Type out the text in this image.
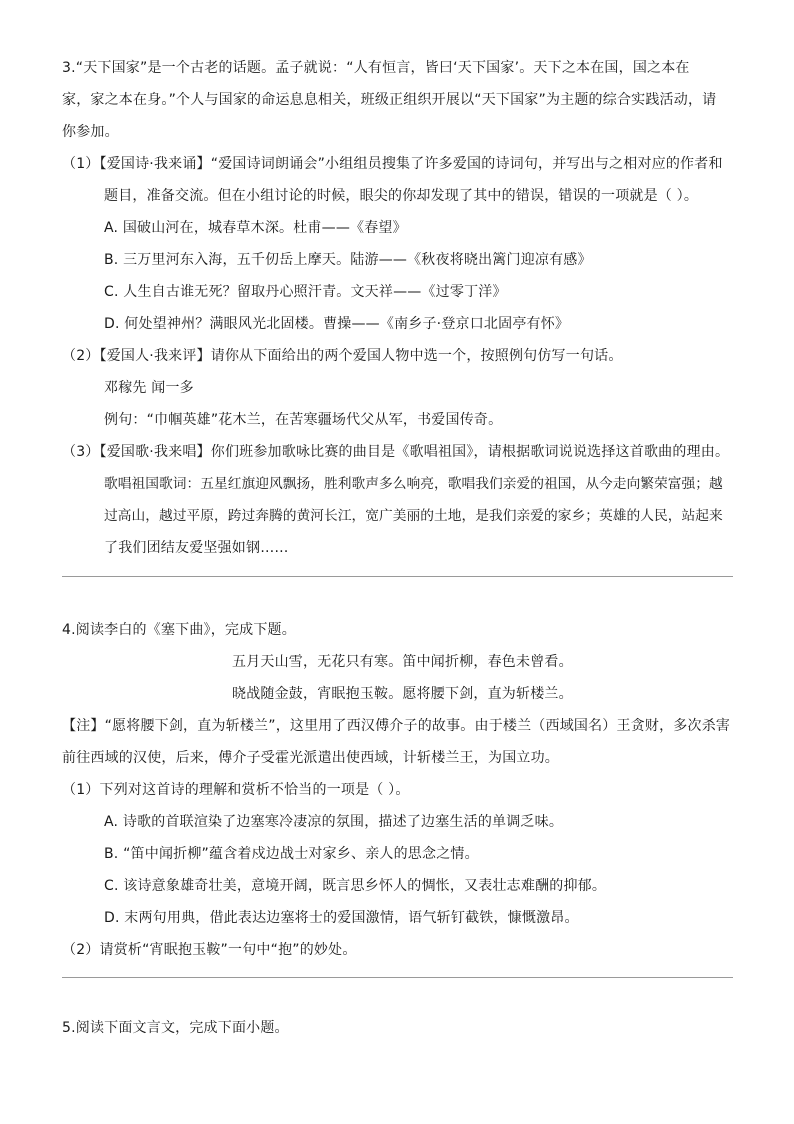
3.“天下国家”是一个古老的话题。孟子就说：“人有恒言，皆曰‘天下国家’。天下之本在国，国之本在
家，家之本在身。”个人与国家的命运息息相关，班级正组织开展以“天下国家”为主题的综合实践活动，请
你参加。
（1）【爱国诗·我来诵】“爱国诗词朗诵会”小组组员搜集了许多爱国的诗词句，并写出与之相对应的作者和
题目，准备交流。但在小组讨论的时候，眼尖的你却发现了其中的错误，错误的一项就是（ ）。
A. 国破山河在，城春草木深。杜甫——《春望》
B. 三万里河东入海，五千仞岳上摩天。陆游——《秋夜将晓出篱门迎凉有感》
C. 人生自古谁无死？留取丹心照汗青。文天祥——《过零丁洋》
D. 何处望神州？满眼风光北固楼。曹操——《南乡子·登京口北固亭有怀》
（2）【爱国人·我来评】请你从下面给出的两个爱国人物中选一个，按照例句仿写一句话。
邓稼先 闻一多
例句：“巾帼英雄”花木兰，在苦寒疆场代父从军，书爱国传奇。
（3）【爱国歌·我来唱】你们班参加歌咏比赛的曲目是《歌唱祖国》，请根据歌词说说选择这首歌曲的理由。
歌唱祖国歌词：五星红旗迎风飘扬，胜利歌声多么响亮，歌唱我们亲爱的祖国，从今走向繁荣富强；越
过高山，越过平原，跨过奔腾的黄河长江，宽广美丽的土地，是我们亲爱的家乡；英雄的人民，站起来
了我们团结友爱坚强如钢……
4.阅读李白的《塞下曲》，完成下题。
五月天山雪，无花只有寒。笛中闻折柳，春色未曾看。
晓战随金鼓，宵眠抱玉鞍。愿将腰下剑，直为斩楼兰。
【注】“愿将腰下剑，直为斩楼兰”，这里用了西汉傅介子的故事。由于楼兰（西域国名）王贪财，多次杀害
前往西域的汉使，后来，傅介子受霍光派遣出使西域，计斩楼兰王，为国立功。
（1）下列对这首诗的理解和赏析不恰当的一项是（ ）。
A. 诗歌的首联渲染了边塞寒冷凄凉的氛围，描述了边塞生活的单调乏味。
B. “笛中闻折柳”蕴含着戍边战士对家乡、亲人的思念之情。
C. 该诗意象雄奇壮美，意境开阔，既言思乡怀人的惆怅，又表壮志难酬的抑郁。
D. 末两句用典，借此表达边塞将士的爱国激情，语气斩钉截铁，慷慨激昂。
（2）请赏析“宵眠抱玉鞍”一句中“抱”的妙处。
5.阅读下面文言文，完成下面小题。
